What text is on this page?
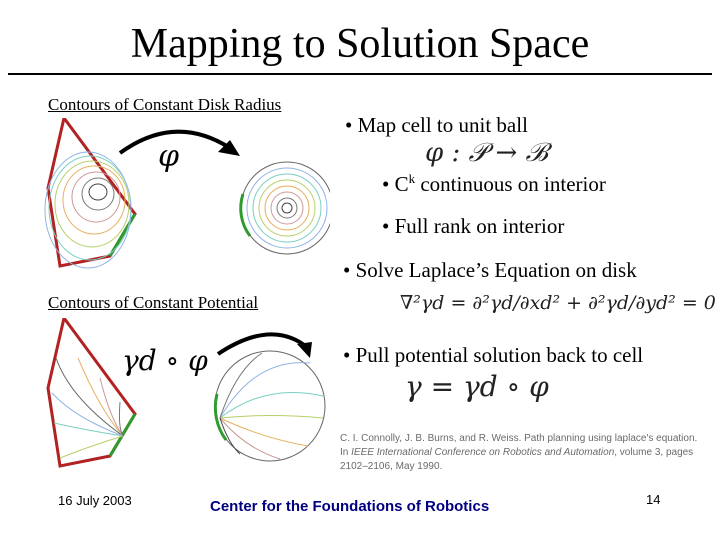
Mapping to Solution Space
Contours of Constant Disk Radius
φ
Contours of Constant Potential
γd ∘ φ
• Map cell to unit ball
φ : 𝒫 → ℬ
• $C^k$ continuous on interior
• Full rank on interior
• Solve Laplace’s Equation on disk
∇²γd = ∂²γd/∂xd² + ∂²γd/∂yd² = 0
• Pull potential solution back to cell
γ = γd ∘ φ
C. I. Connolly, J. B. Burns, and R. Weiss. Path planning using laplace's equation. In IEEE International Conference on Robotics and Automation, volume 3, pages 2102–2106, May 1990.
16 July 2003	Center for the Foundations of Robotics	14
